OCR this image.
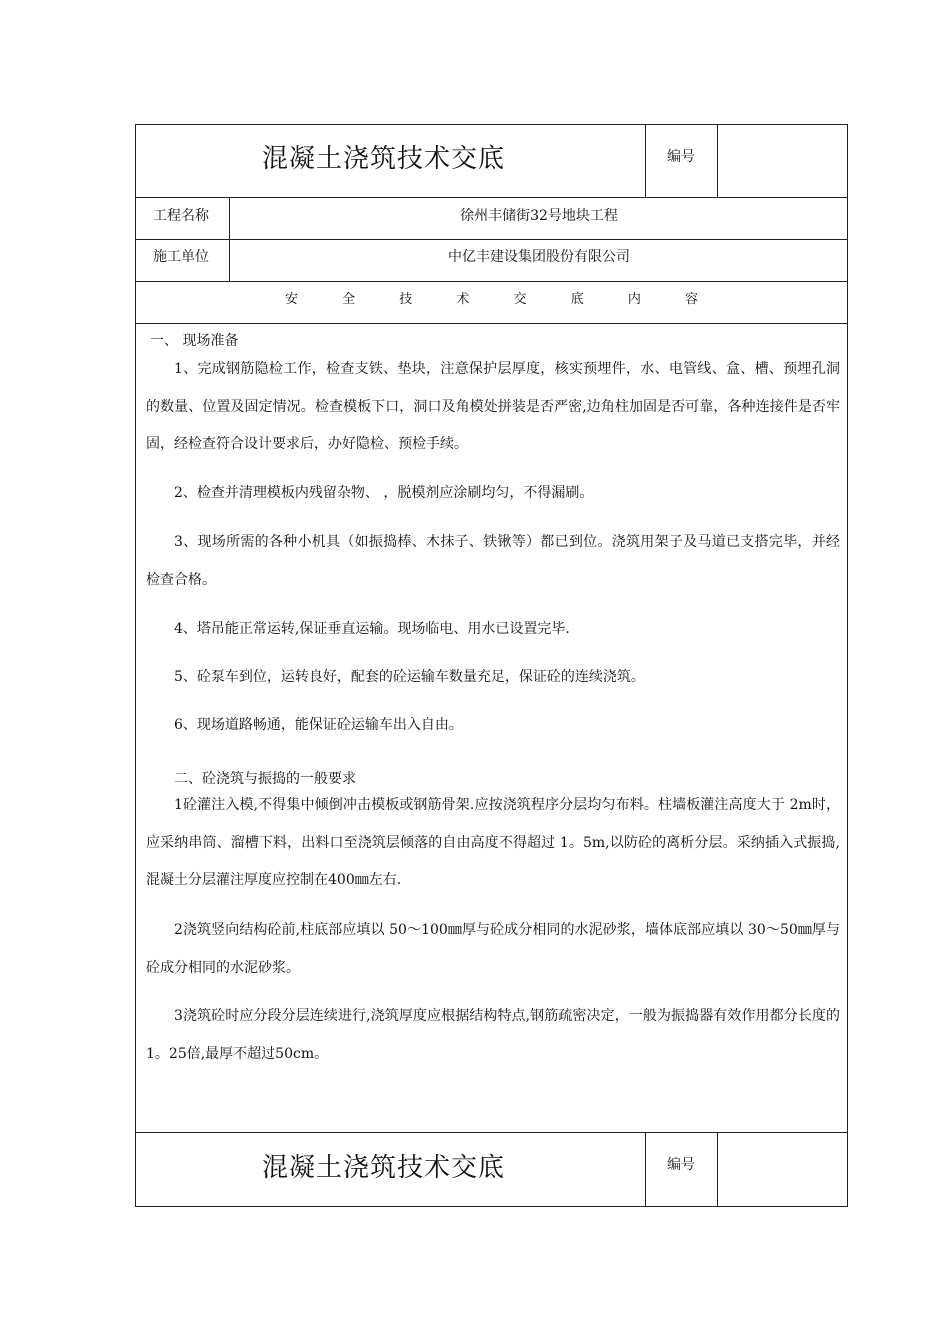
混凝土浇筑技术交底	编号
工程名称	徐州丰储街32号地块工程
施工单位	中亿丰建设集团股份有限公司
安 全 技 术 交 底 内 容
一、 现场准备

1、完成钢筋隐检工作，检查支铁、垫块，注意保护层厚度，核实预埋件，水、电管线、盒、槽、预埋孔洞的数量、位置及固定情况。检查模板下口，洞口及角模处拼装是否严密,边角柱加固是否可靠，各种连接件是否牢固，经检查符合设计要求后，办好隐检、预检手续。

2、检查并清理模板内残留杂物、 ，脱模剂应涂刷均匀，不得漏刷。

3、现场所需的各种小机具（如振捣棒、木抹子、铁锹等）都已到位。浇筑用架子及马道已支搭完毕，并经检查合格。

4、塔吊能正常运转,保证垂直运输。现场临电、用水已设置完毕.

5、砼泵车到位，运转良好，配套的砼运输车数量充足，保证砼的连续浇筑。

6、现场道路畅通，能保证砼运输车出入自由。

二、砼浇筑与振捣的一般要求

1砼灌注入模,不得集中倾倒冲击模板或钢筋骨架.应按浇筑程序分层均匀布料。柱墙板灌注高度大于 2m时，应采纳串筒、溜槽下料，出料口至浇筑层倾落的自由高度不得超过 1。5m,以防砼的离析分层。采纳插入式振捣,混凝土分层灌注厚度应控制在400㎜左右.

2浇筑竖向结构砼前,柱底部应填以 50～100㎜厚与砼成分相同的水泥砂浆，墙体底部应填以 30～50㎜厚与砼成分相同的水泥砂浆。

3浇筑砼时应分段分层连续进行,浇筑厚度应根据结构特点,钢筋疏密决定，一般为振捣器有效作用都分长度的1。25倍,最厚不超过50cm。

混凝土浇筑技术交底	编号
